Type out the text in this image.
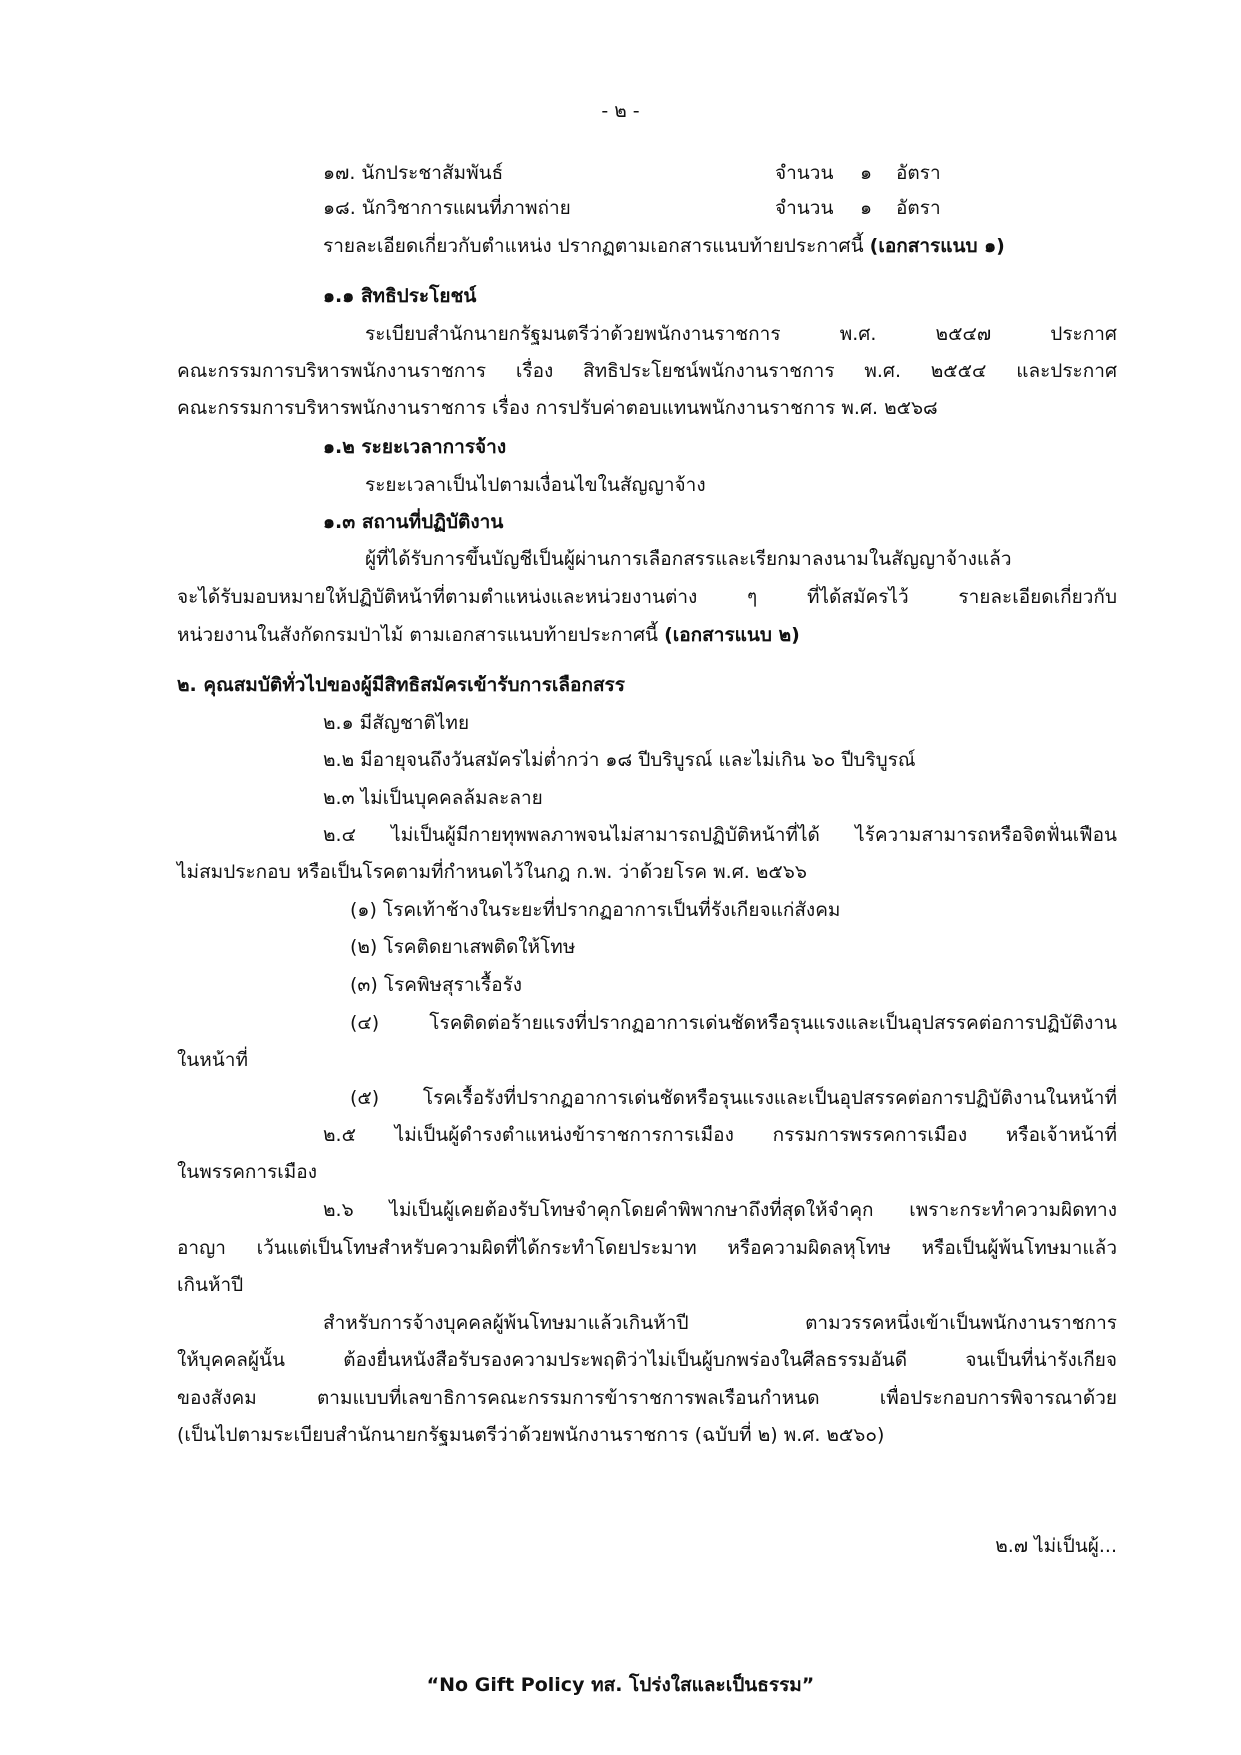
- ๒ -
๑๗. นักประชาสัมพันธ์	จำนวน ๑ อัตรา
๑๘. นักวิชาการแผนที่ภาพถ่าย	จำนวน ๑ อัตรา
รายละเอียดเกี่ยวกับตำแหน่ง ปรากฏตามเอกสารแนบท้ายประกาศนี้ (เอกสารแนบ ๑)
๑.๑ สิทธิประโยชน์
ระเบียบสำนักนายกรัฐมนตรีว่าด้วยพนักงานราชการ พ.ศ. ๒๕๔๗ ประกาศ
คณะกรรมการบริหารพนักงานราชการ เรื่อง สิทธิประโยชน์พนักงานราชการ พ.ศ. ๒๕๕๔ และประกาศ
คณะกรรมการบริหารพนักงานราชการ เรื่อง การปรับค่าตอบแทนพนักงานราชการ พ.ศ. ๒๕๖๘
๑.๒ ระยะเวลาการจ้าง
ระยะเวลาเป็นไปตามเงื่อนไขในสัญญาจ้าง
๑.๓ สถานที่ปฏิบัติงาน
ผู้ที่ได้รับการขึ้นบัญชีเป็นผู้ผ่านการเลือกสรรและเรียกมาลงนามในสัญญาจ้างแล้ว
จะได้รับมอบหมายให้ปฏิบัติหน้าที่ตามตำแหน่งและหน่วยงานต่าง ๆ ที่ได้สมัครไว้ รายละเอียดเกี่ยวกับ
หน่วยงานในสังกัดกรมป่าไม้ ตามเอกสารแนบท้ายประกาศนี้ (เอกสารแนบ ๒)
๒. คุณสมบัติทั่วไปของผู้มีสิทธิสมัครเข้ารับการเลือกสรร
๒.๑ มีสัญชาติไทย
๒.๒ มีอายุจนถึงวันสมัครไม่ต่ำกว่า ๑๘ ปีบริบูรณ์ และไม่เกิน ๖๐ ปีบริบูรณ์
๒.๓ ไม่เป็นบุคคลล้มละลาย
๒.๔ ไม่เป็นผู้มีกายทุพพลภาพจนไม่สามารถปฏิบัติหน้าที่ได้ ไร้ความสามารถหรือจิตฟั่นเฟือน
ไม่สมประกอบ หรือเป็นโรคตามที่กำหนดไว้ในกฎ ก.พ. ว่าด้วยโรค พ.ศ. ๒๕๖๖
(๑) โรคเท้าช้างในระยะที่ปรากฏอาการเป็นที่รังเกียจแก่สังคม
(๒) โรคติดยาเสพติดให้โทษ
(๓) โรคพิษสุราเรื้อรัง
(๔) โรคติดต่อร้ายแรงที่ปรากฏอาการเด่นชัดหรือรุนแรงและเป็นอุปสรรคต่อการปฏิบัติงาน
ในหน้าที่
(๕) โรคเรื้อรังที่ปรากฏอาการเด่นชัดหรือรุนแรงและเป็นอุปสรรคต่อการปฏิบัติงานในหน้าที่
๒.๕ ไม่เป็นผู้ดำรงตำแหน่งข้าราชการการเมือง กรรมการพรรคการเมือง หรือเจ้าหน้าที่
ในพรรคการเมือง
๒.๖ ไม่เป็นผู้เคยต้องรับโทษจำคุกโดยคำพิพากษาถึงที่สุดให้จำคุก เพราะกระทำความผิดทาง
อาญา เว้นแต่เป็นโทษสำหรับความผิดที่ได้กระทำโดยประมาท หรือความผิดลหุโทษ หรือเป็นผู้พ้นโทษมาแล้ว
เกินห้าปี
สำหรับการจ้างบุคคลผู้พ้นโทษมาแล้วเกินห้าปี ตามวรรคหนึ่งเข้าเป็นพนักงานราชการ
ให้บุคคลผู้นั้น ต้องยื่นหนังสือรับรองความประพฤติว่าไม่เป็นผู้บกพร่องในศีลธรรมอันดี จนเป็นที่น่ารังเกียจ
ของสังคม ตามแบบที่เลขาธิการคณะกรรมการข้าราชการพลเรือนกำหนด เพื่อประกอบการพิจารณาด้วย
(เป็นไปตามระเบียบสำนักนายกรัฐมนตรีว่าด้วยพนักงานราชการ (ฉบับที่ ๒) พ.ศ. ๒๕๖๐)
๒.๗ ไม่เป็นผู้...
“No Gift Policy ทส. โปร่งใสและเป็นธรรม”
